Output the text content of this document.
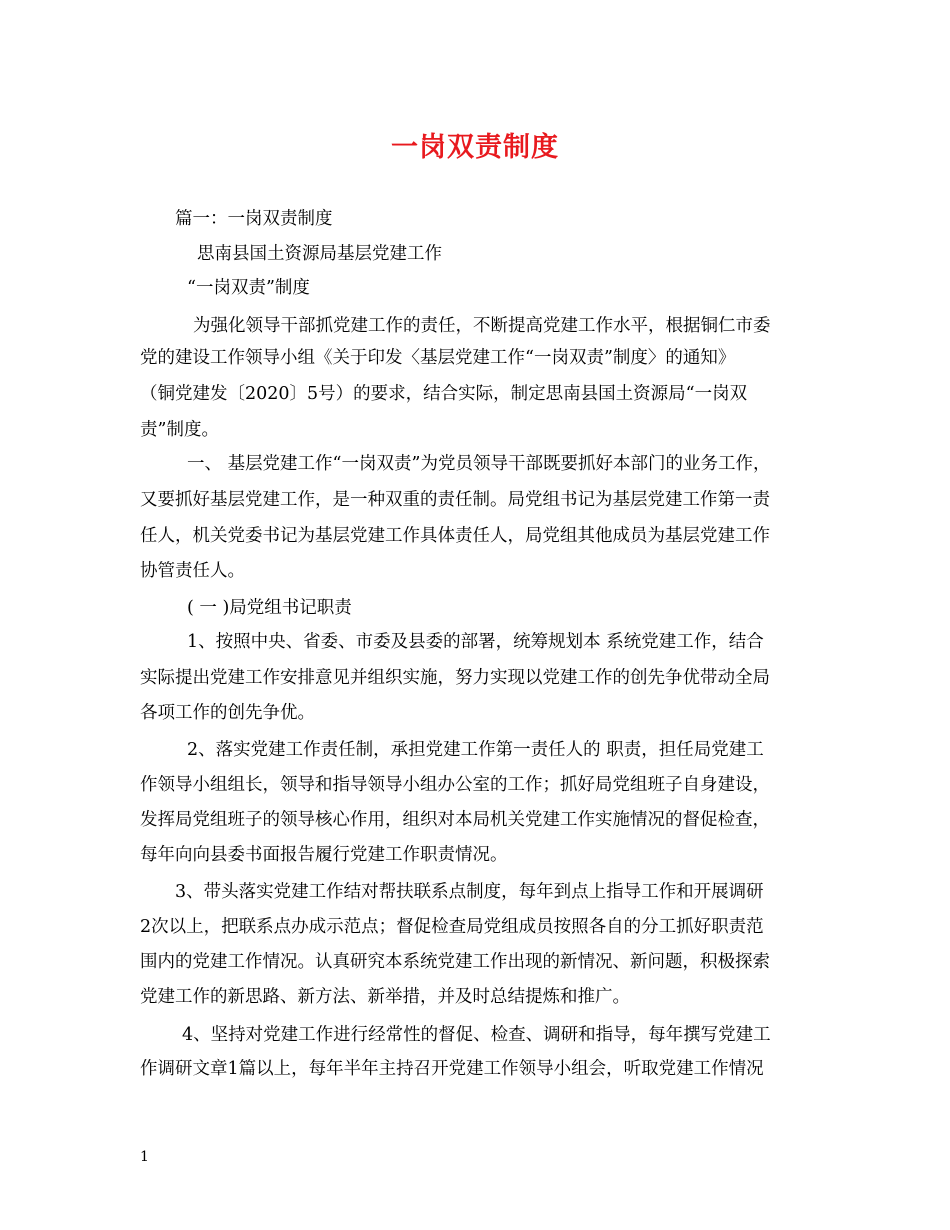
一岗双责制度
篇一：一岗双责制度
思南县国土资源局基层党建工作
“一岗双责”制度
为强化领导干部抓党建工作的责任，不断提高党建工作水平，根据铜仁市委
党的建设工作领导小组《关于印发〈基层党建工作“一岗双责”制度〉的通知》
（铜党建发〔2020〕5号）的要求，结合实际，制定思南县国土资源局“一岗双
责”制度。
一、 基层党建工作“一岗双责”为党员领导干部既要抓好本部门的业务工作，
又要抓好基层党建工作，是一种双重的责任制。局党组书记为基层党建工作第一责
任人，机关党委书记为基层党建工作具体责任人，局党组其他成员为基层党建工作
协管责任人。
( 一 )局党组书记职责
1、按照中央、省委、市委及县委的部署，统筹规划本 系统党建工作，结合
实际提出党建工作安排意见并组织实施，努力实现以党建工作的创先争优带动全局
各项工作的创先争优。
2、落实党建工作责任制，承担党建工作第一责任人的 职责，担任局党建工
作领导小组组长，领导和指导领导小组办公室的工作；抓好局党组班子自身建设，
发挥局党组班子的领导核心作用，组织对本局机关党建工作实施情况的督促检查，
每年向向县委书面报告履行党建工作职责情况。
3、带头落实党建工作结对帮扶联系点制度，每年到点上指导工作和开展调研
2次以上，把联系点办成示范点；督促检查局党组成员按照各自的分工抓好职责范
围内的党建工作情况。认真研究本系统党建工作出现的新情况、新问题，积极探索
党建工作的新思路、新方法、新举措，并及时总结提炼和推广。
4、坚持对党建工作进行经常性的督促、检查、调研和指导，每年撰写党建工
作调研文章1篇以上，每年半年主持召开党建工作领导小组会，听取党建工作情况
1
